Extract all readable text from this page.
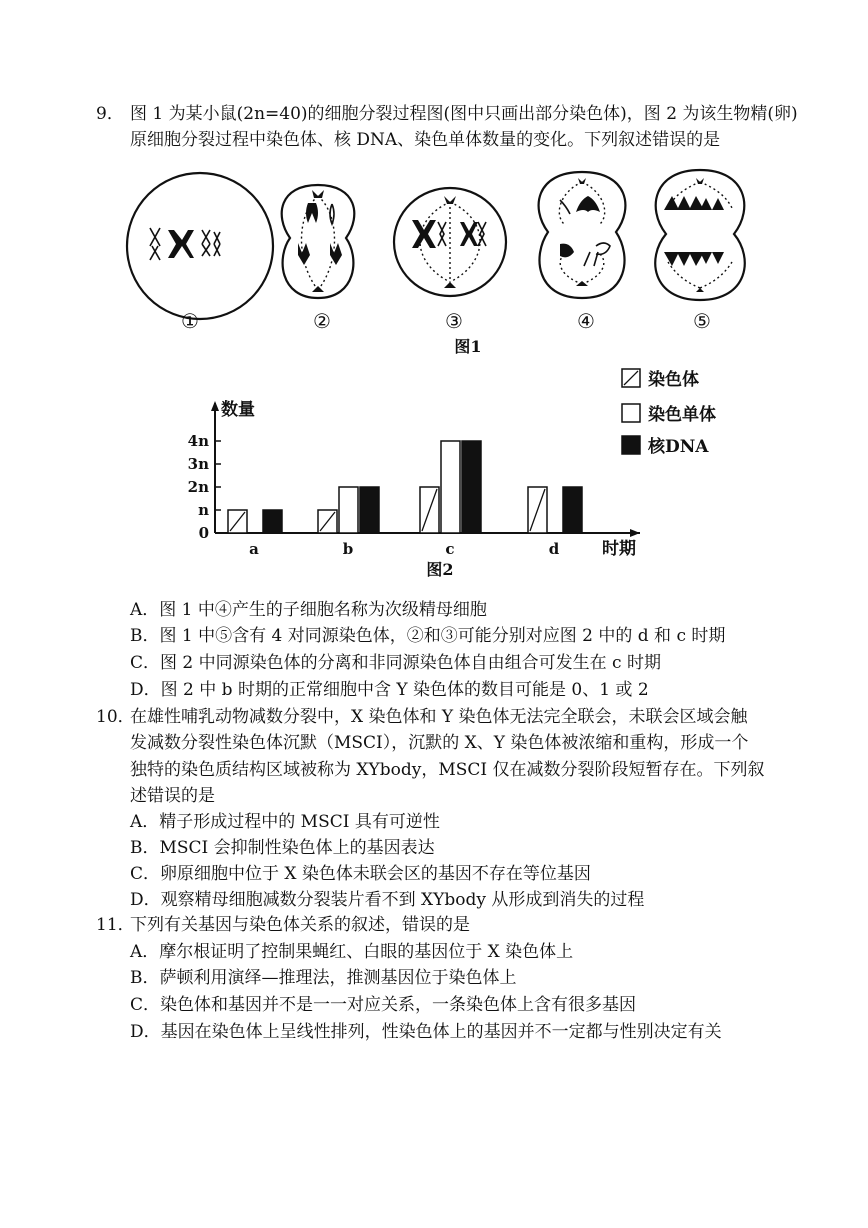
9． 图 1 为某小鼠(2n=40)的细胞分裂过程图(图中只画出部分染色体)，图 2 为该生物精(卵)
原细胞分裂过程中染色体、核 DNA、染色单体数量的变化。下列叙述错误的是
①	②	③	④	⑤
图1
数量
时期
图2
0
n
2n
3n
4n
a	b	c	d
染色体
染色单体
核DNA
A．图 1 中④产生的子细胞名称为次级精母细胞
B．图 1 中⑤含有 4 对同源染色体，②和③可能分别对应图 2 中的 d 和 c 时期
C．图 2 中同源染色体的分离和非同源染色体自由组合可发生在 c 时期
D．图 2 中 b 时期的正常细胞中含 Y 染色体的数目可能是 0、1 或 2
10．
在雄性哺乳动物减数分裂中，X 染色体和 Y 染色体无法完全联会，未联会区域会触
发减数分裂性染色体沉默（MSCI），沉默的 X、Y 染色体被浓缩和重构，形成一个
独特的染色质结构区域被称为 XYbody，MSCI 仅在减数分裂阶段短暂存在。下列叙
述错误的是
A．精子形成过程中的 MSCI 具有可逆性
B．MSCI 会抑制性染色体上的基因表达
C．卵原细胞中位于 X 染色体未联会区的基因不存在等位基因
D．观察精母细胞减数分裂装片看不到 XYbody 从形成到消失的过程
11．
下列有关基因与染色体关系的叙述，错误的是
A．摩尔根证明了控制果蝇红、白眼的基因位于 X 染色体上
B．萨顿利用演绎—推理法，推测基因位于染色体上
C．染色体和基因并不是一一对应关系，一条染色体上含有很多基因
D．基因在染色体上呈线性排列，性染色体上的基因并不一定都与性别决定有关
